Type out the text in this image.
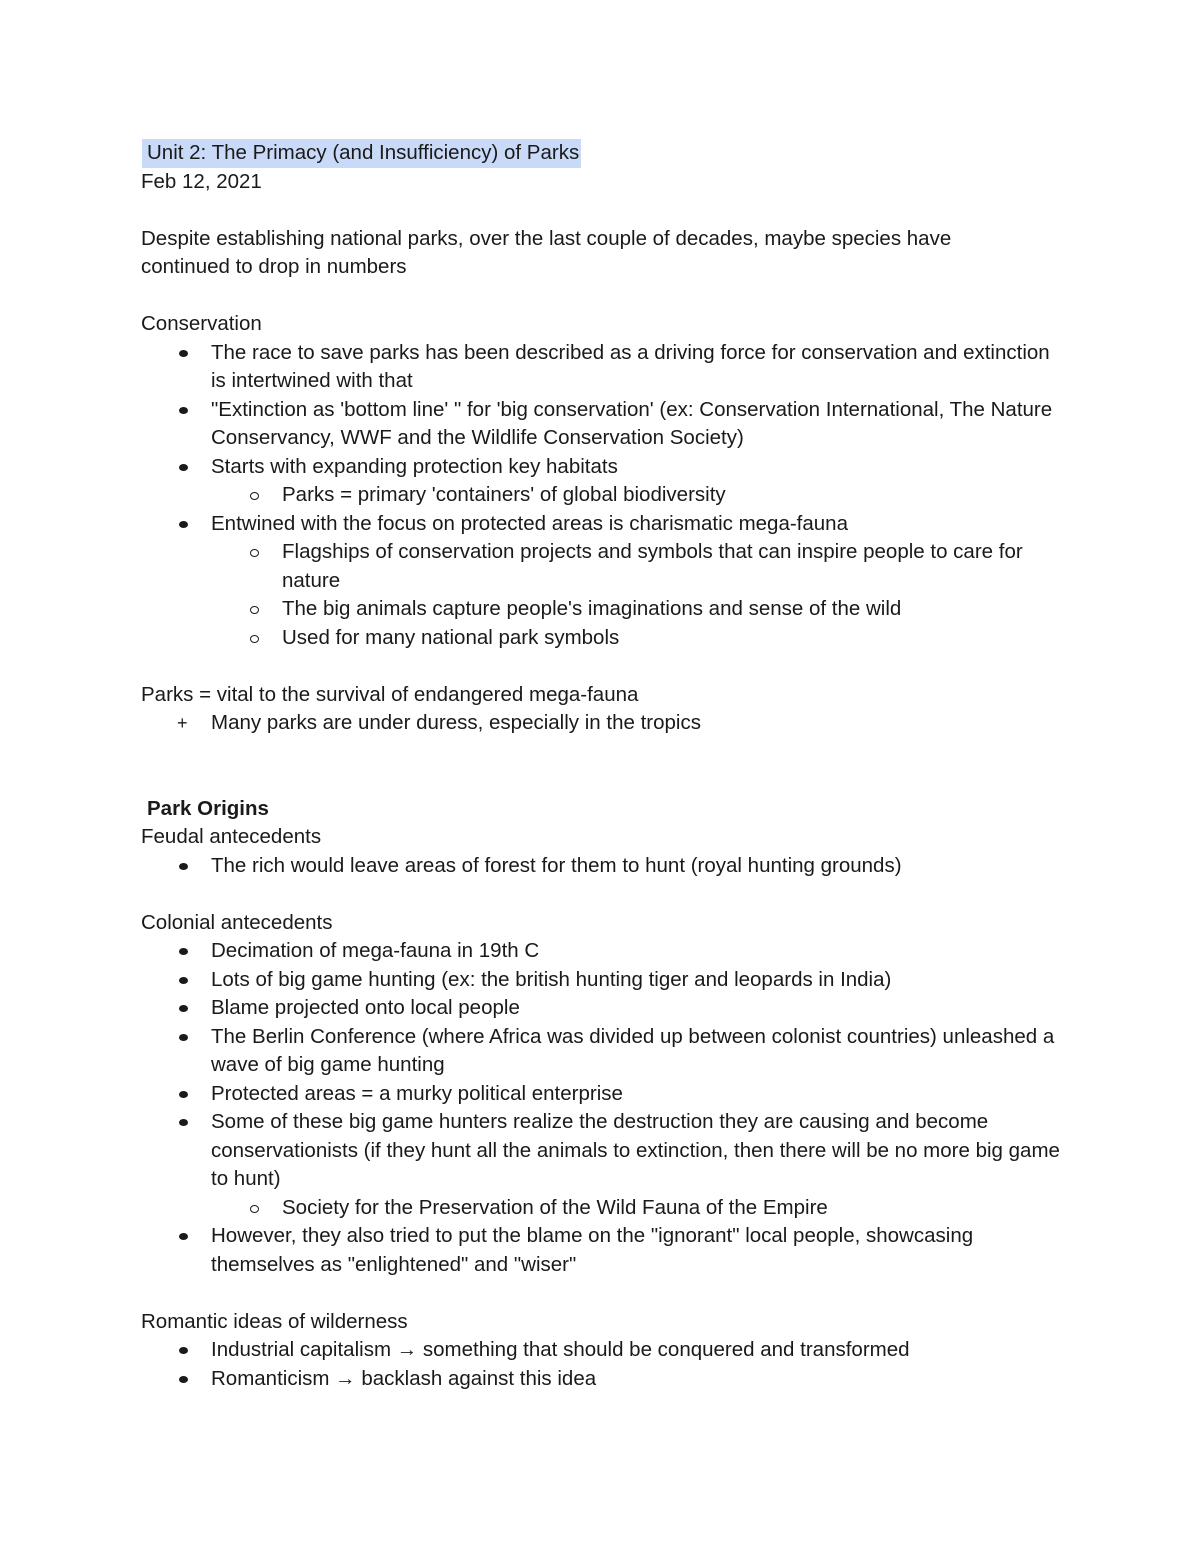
Unit 2: The Primacy (and Insufficiency) of Parks

Feb 12, 2021

Despite establishing national parks, over the last couple of decades, maybe species have

continued to drop in numbers

Conservation

The race to save parks has been described as a driving force for conservation and extinction is intertwined with that
"Extinction as 'bottom line' " for 'big conservation' (ex: Conservation International, The Nature Conservancy, WWF and the Wildlife Conservation Society)
Starts with expanding protection key habitats
Parks = primary 'containers' of global biodiversity
Entwined with the focus on protected areas is charismatic mega-fauna
Flagships of conservation projects and symbols that can inspire people to care for nature
The big animals capture people's imaginations and sense of the wild
Used for many national park symbols

Parks = vital to the survival of endangered mega-fauna

+ Many parks are under duress, especially in the tropics

Park Origins

Feudal antecedents

The rich would leave areas of forest for them to hunt (royal hunting grounds)

Colonial antecedents

Decimation of mega-fauna in 19th C
Lots of big game hunting (ex: the british hunting tiger and leopards in India)
Blame projected onto local people
The Berlin Conference (where Africa was divided up between colonist countries) unleashed a wave of big game hunting
Protected areas = a murky political enterprise
Some of these big game hunters realize the destruction they are causing and become conservationists (if they hunt all the animals to extinction, then there will be no more big game to hunt)
Society for the Preservation of the Wild Fauna of the Empire
However, they also tried to put the blame on the "ignorant" local people, showcasing themselves as "enlightened" and "wiser"

Romantic ideas of wilderness

Industrial capitalism → something that should be conquered and transformed
Romanticism → backlash against this idea
